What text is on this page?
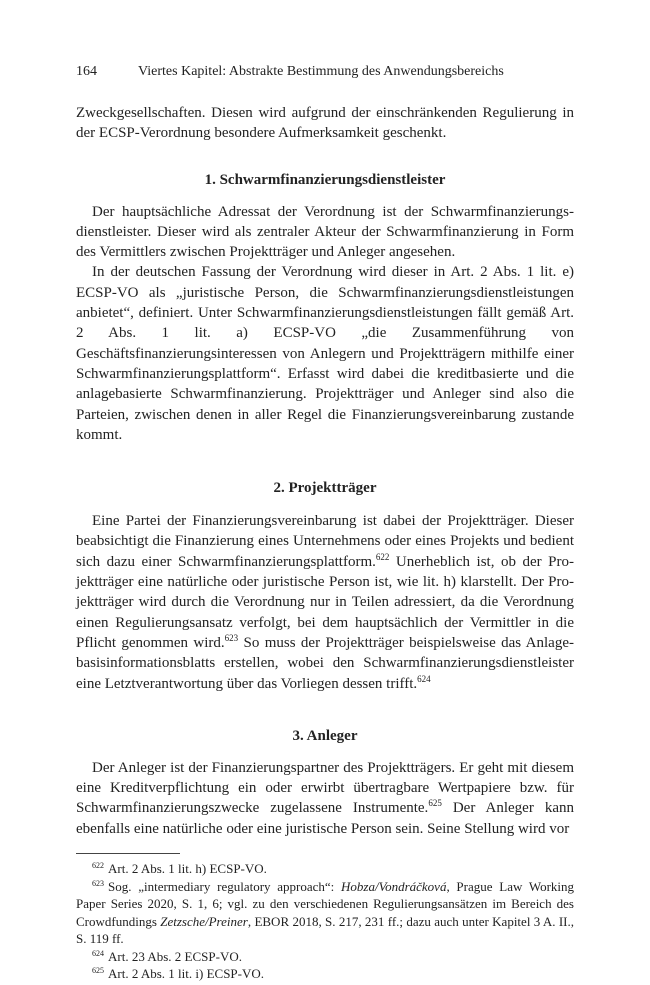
164	Viertes Kapitel: Abstrakte Bestimmung des Anwendungsbereichs

Zweckgesellschaften. Diesen wird aufgrund der einschränkenden Regulierung in der ECSP-Verordnung besondere Aufmerksamkeit geschenkt.

1. Schwarmfinanzierungsdienstleister

Der hauptsächliche Adressat der Verordnung ist der Schwarmfinanzierungsdienstleister. Dieser wird als zentraler Akteur der Schwarmfinanzierung in Form des Vermittlers zwischen Projektträger und Anleger angesehen.

In der deutschen Fassung der Verordnung wird dieser in Art. 2 Abs. 1 lit. e) ECSP-VO als „juristische Person, die Schwarmfinanzierungsdienstleistungen anbietet“, definiert. Unter Schwarmfinanzierungsdienstleistungen fällt gemäß Art. 2 Abs. 1 lit. a) ECSP-VO „die Zusammenführung von Geschäftsfinanzierungsinteressen von Anlegern und Projektträgern mithilfe einer Schwarmfinanzierungsplattform“. Erfasst wird dabei die kreditbasierte und die anlagebasierte Schwarmfinanzierung. Projektträger und Anleger sind also die Parteien, zwischen denen in aller Regel die Finanzierungsvereinbarung zustande kommt.

2. Projektträger

Eine Partei der Finanzierungsvereinbarung ist dabei der Projektträger. Dieser beabsichtigt die Finanzierung eines Unternehmens oder eines Projekts und bedient sich dazu einer Schwarmfinanzierungsplattform.$^{622}$ Unerheblich ist, ob der Projektträger eine natürliche oder juristische Person ist, wie lit. h) klarstellt. Der Projektträger wird durch die Verordnung nur in Teilen adressiert, da die Verordnung einen Regulierungsansatz verfolgt, bei dem hauptsächlich der Vermittler in die Pflicht genommen wird.$^{623}$ So muss der Projektträger beispielsweise das Anlagebasisinformationsblatts erstellen, wobei den Schwarmfinanzierungsdienstleister eine Letztverantwortung über das Vorliegen dessen trifft.$^{624}$

3. Anleger

Der Anleger ist der Finanzierungspartner des Projektträgers. Er geht mit diesem eine Kreditverpflichtung ein oder erwirbt übertragbare Wertpapiere bzw. für Schwarmfinanzierungszwecke zugelassene Instrumente.$^{625}$ Der Anleger kann ebenfalls eine natürliche oder eine juristische Person sein. Seine Stellung wird vor

$^{622}$ Art. 2 Abs. 1 lit. h) ECSP-VO.

$^{623}$ Sog. „intermediary regulatory approach“: Hobza/Vondráčková, Prague Law Working Paper Series 2020, S. 1, 6; vgl. zu den verschiedenen Regulierungsansätzen im Bereich des Crowdfundings Zetzsche/Preiner, EBOR 2018, S. 217, 231 ff.; dazu auch unter Kapitel 3 A. II., S. 119 ff.

$^{624}$ Art. 23 Abs. 2 ECSP-VO.

$^{625}$ Art. 2 Abs. 1 lit. i) ECSP-VO.
